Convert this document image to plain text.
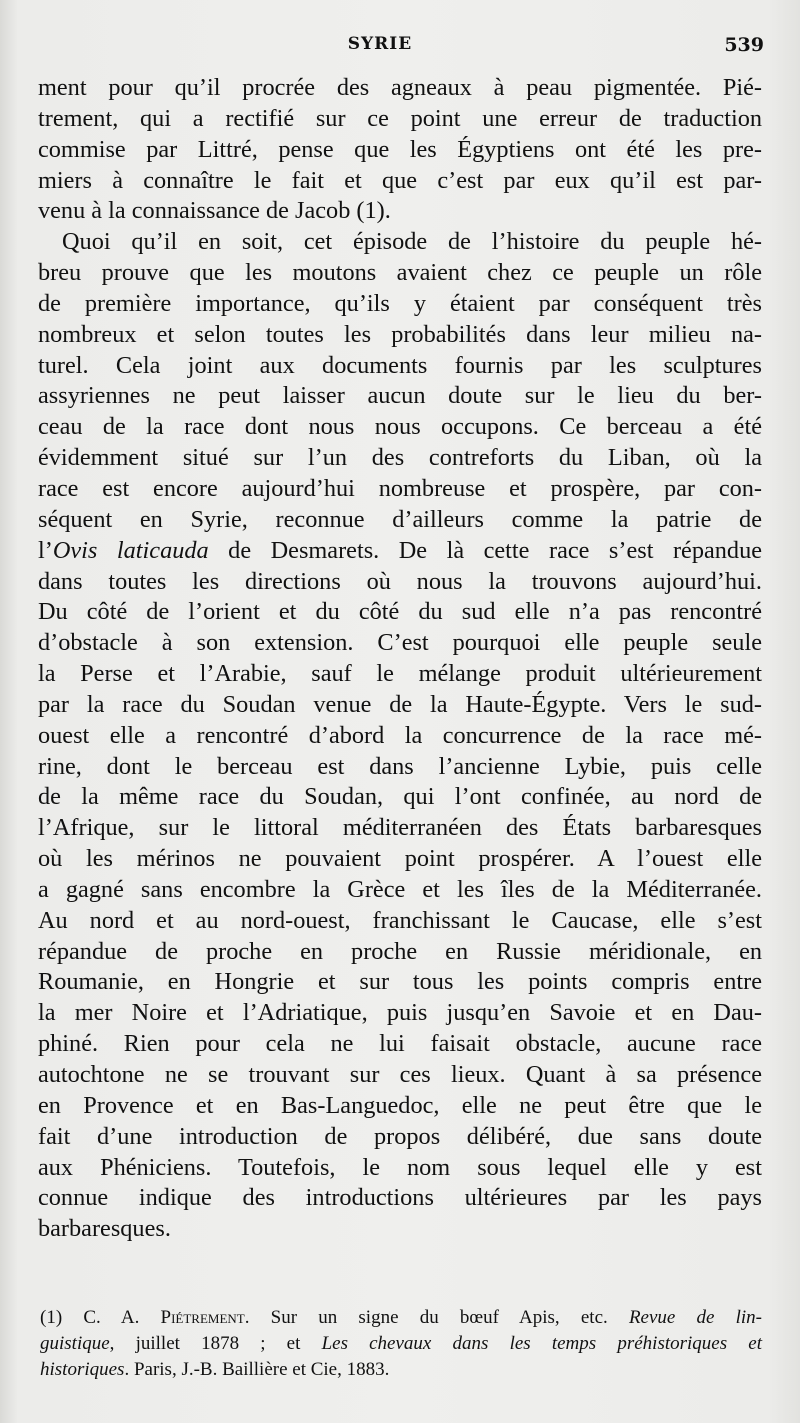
SYRIE	539
ment pour qu’il procrée des agneaux à peau pigmentée. Pié-
trement, qui a rectifié sur ce point une erreur de traduction
commise par Littré, pense que les Égyptiens ont été les pre-
miers à connaître le fait et que c’est par eux qu’il est par-
venu à la connaissance de Jacob (1).
Quoi qu’il en soit, cet épisode de l’histoire du peuple hé-
breu prouve que les moutons avaient chez ce peuple un rôle
de première importance, qu’ils y étaient par conséquent très
nombreux et selon toutes les probabilités dans leur milieu na-
turel. Cela joint aux documents fournis par les sculptures
assyriennes ne peut laisser aucun doute sur le lieu du ber-
ceau de la race dont nous nous occupons. Ce berceau a été
évidemment situé sur l’un des contreforts du Liban, où la
race est encore aujourd’hui nombreuse et prospère, par con-
séquent en Syrie, reconnue d’ailleurs comme la patrie de
l’Ovis laticauda de Desmarets. De là cette race s’est répandue
dans toutes les directions où nous la trouvons aujourd’hui.
Du côté de l’orient et du côté du sud elle n’a pas rencontré
d’obstacle à son extension. C’est pourquoi elle peuple seule
la Perse et l’Arabie, sauf le mélange produit ultérieurement
par la race du Soudan venue de la Haute-Égypte. Vers le sud-
ouest elle a rencontré d’abord la concurrence de la race mé-
rine, dont le berceau est dans l’ancienne Lybie, puis celle
de la même race du Soudan, qui l’ont confinée, au nord de
l’Afrique, sur le littoral méditerranéen des États barbaresques
où les mérinos ne pouvaient point prospérer. A l’ouest elle
a gagné sans encombre la Grèce et les îles de la Méditerranée.
Au nord et au nord-ouest, franchissant le Caucase, elle s’est
répandue de proche en proche en Russie méridionale, en
Roumanie, en Hongrie et sur tous les points compris entre
la mer Noire et l’Adriatique, puis jusqu’en Savoie et en Dau-
phiné. Rien pour cela ne lui faisait obstacle, aucune race
autochtone ne se trouvant sur ces lieux. Quant à sa présence
en Provence et en Bas-Languedoc, elle ne peut être que le
fait d’une introduction de propos délibéré, due sans doute
aux Phéniciens. Toutefois, le nom sous lequel elle y est
connue indique des introductions ultérieures par les pays
barbaresques.
(1) C. A. Piétrement. Sur un signe du bœuf Apis, etc. Revue de lin-
guistique, juillet 1878 ; et Les chevaux dans les temps préhistoriques et
historiques. Paris, J.-B. Baillière et Cie, 1883.
